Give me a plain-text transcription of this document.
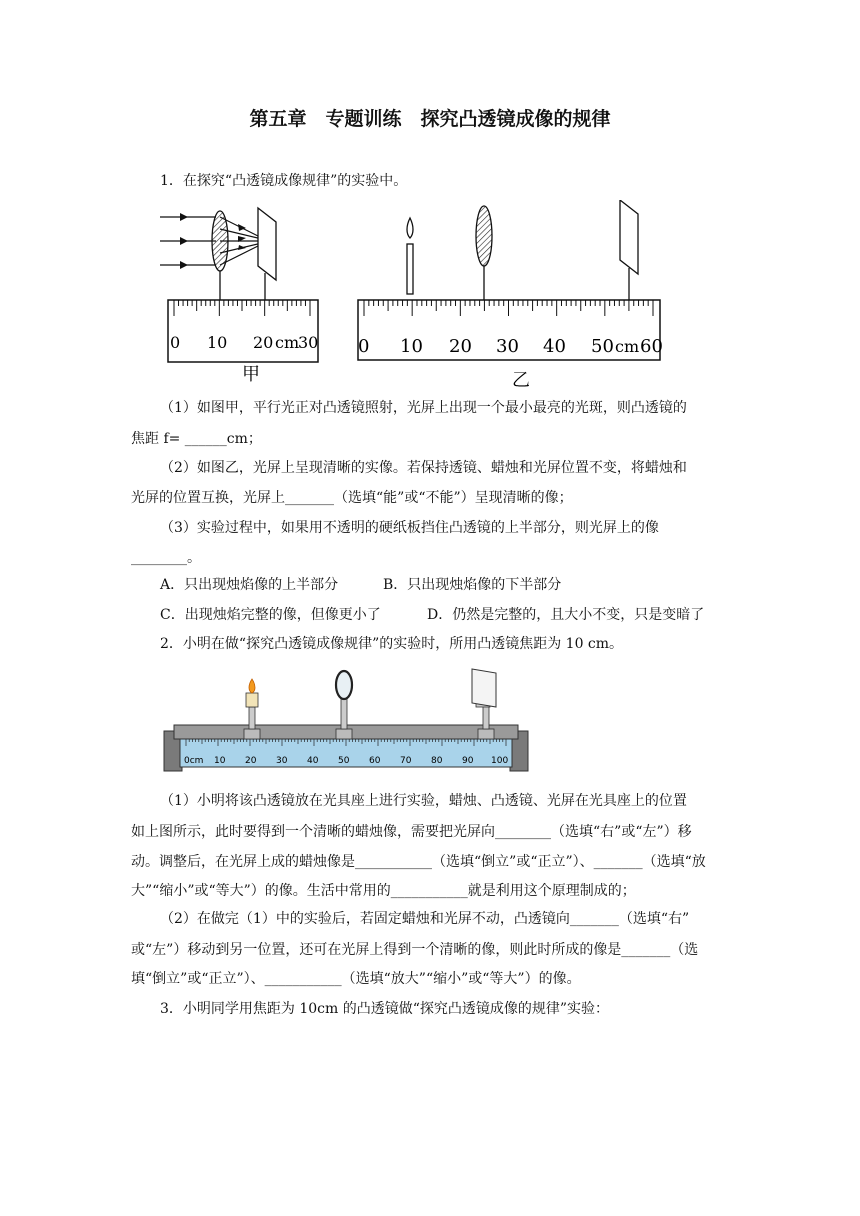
第五章　专题训练　探究凸透镜成像的规律
1．在探究“凸透镜成像规律”的实验中。
0 10 20 cm
30
甲
0 10 20 30 40 50 cm 60
乙
（1）如图甲，平行光正对凸透镜照射，光屏上出现一个最小最亮的光斑，则凸透镜的
焦距 f= ______cm；
（2）如图乙，光屏上呈现清晰的实像。若保持透镜、蜡烛和光屏位置不变，将蜡烛和
光屏的位置互换，光屏上_______（选填“能”或“不能”）呈现清晰的像；
（3）实验过程中，如果用不透明的硬纸板挡住凸透镜的上半部分，则光屏上的像
________。
A．只出现烛焰像的上半部分	B．只出现烛焰像的下半部分
C．出现烛焰完整的像，但像更小了	D．仍然是完整的，且大小不变，只是变暗了
2．小明在做“探究凸透镜成像规律”的实验时，所用凸透镜焦距为 10 cm。
0cm 10 20 30 40 50 60 70 80 90 100
（1）小明将该凸透镜放在光具座上进行实验，蜡烛、凸透镜、光屏在光具座上的位置
如上图所示，此时要得到一个清晰的蜡烛像，需要把光屏向________（选填“右”或“左”）移
动。调整后，在光屏上成的蜡烛像是___________（选填“倒立”或“正立”）、_______（选填“放
大”“缩小”或“等大”）的像。生活中常用的___________就是利用这个原理制成的；
（2）在做完（1）中的实验后，若固定蜡烛和光屏不动，凸透镜向_______（选填“右”
或“左”）移动到另一位置，还可在光屏上得到一个清晰的像，则此时所成的像是_______（选
填“倒立”或“正立”）、___________（选填“放大”“缩小”或“等大”）的像。
3．小明同学用焦距为 10cm 的凸透镜做“探究凸透镜成像的规律”实验：
